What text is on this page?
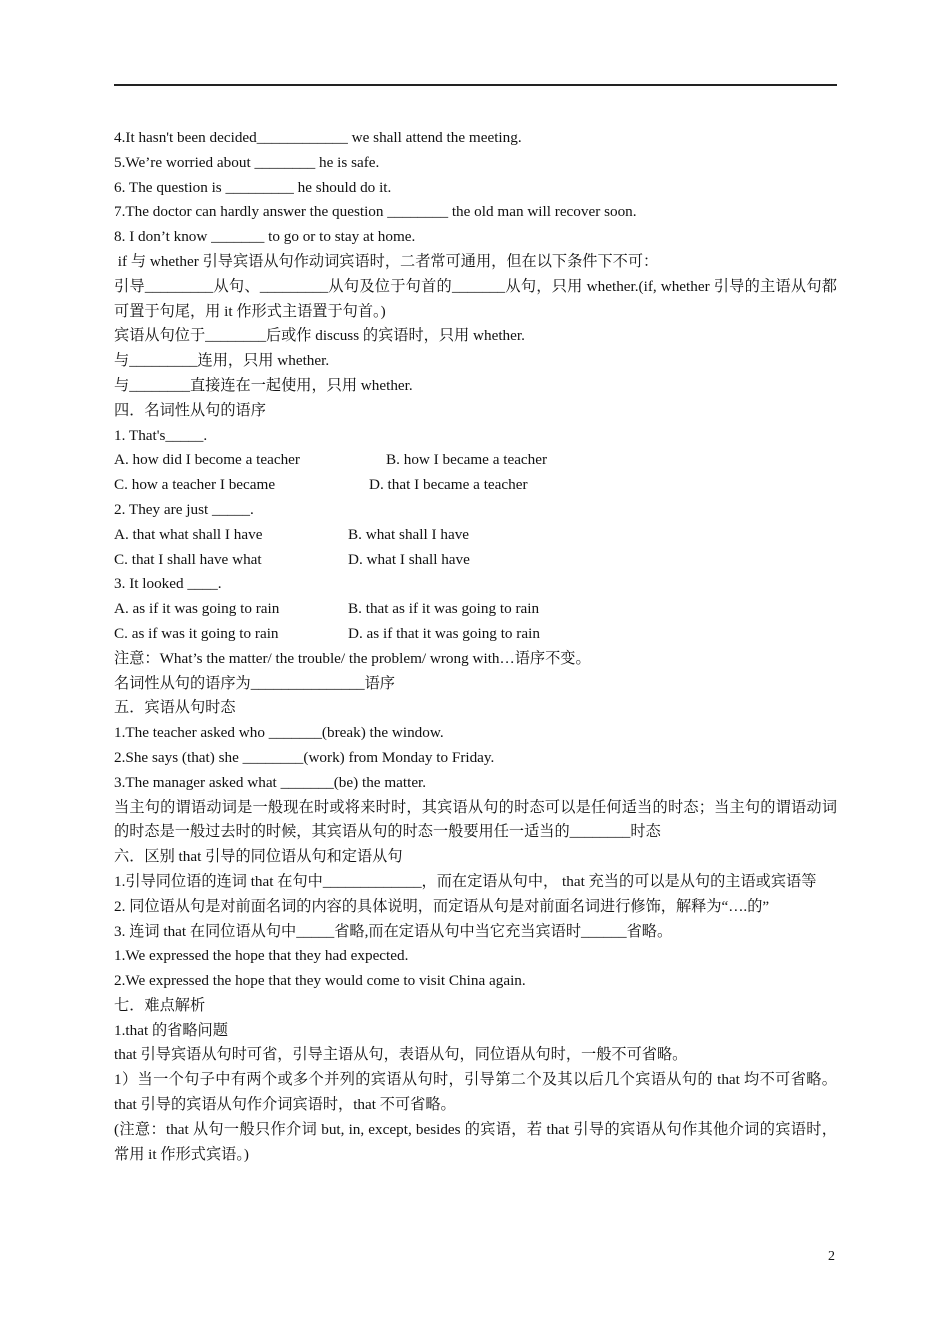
4.It hasn't been decided____________ we shall attend the meeting.
5.We’re worried about ________ he is safe.
6. The question is _________ he should do it.
7.The doctor can hardly answer the question ________ the old man will recover soon.
8. I don’t know _______ to go or to stay at home.
if 与 whether 引导宾语从句作动词宾语时，二者常可通用，但在以下条件下不可：
引导_________从句、_________从句及位于句首的_______从句，只用 whether.(if, whether 引导的主语从句都可置于句尾，用 it 作形式主语置于句首。)
宾语从句位于________后或作 discuss 的宾语时，只用 whether.
与_________连用，只用 whether.
与________直接连在一起使用，只用 whether.
四．名词性从句的语序
1. That's_____.
A. how did I become a teacher	B. how I became a teacher
C. how a teacher I became	D. that I became a teacher
2. They are just _____.
A. that what shall I have	B. what shall I have
C. that I shall have what	D. what I shall have
3. It looked ____.
A. as if it was going to rain	B. that as if it was going to rain
C. as if was it going to rain	D. as if that it was going to rain
注意：What’s the matter/ the trouble/ the problem/ wrong with…语序不变。
名词性从句的语序为_______________语序
五．宾语从句时态
1.The teacher asked who _______(break) the window.
2.She says (that) she ________(work) from Monday to Friday.
3.The manager asked what _______(be) the matter.
当主句的谓语动词是一般现在时或将来时时，其宾语从句的时态可以是任何适当的时态；当主句的谓语动词的时态是一般过去时的时候，其宾语从句的时态一般要用任一适当的________时态
六．区别 that 引导的同位语从句和定语从句
1.引导同位语的连词 that 在句中_____________，而在定语从句中， that 充当的可以是从句的主语或宾语等
2. 同位语从句是对前面名词的内容的具体说明，而定语从句是对前面名词进行修饰，解释为“….的”
3. 连词 that 在同位语从句中_____省略,而在定语从句中当它充当宾语时______省略。
1.We expressed the hope that they had expected.
2.We expressed the hope that they would come to visit China again.
七．难点解析
1.that 的省略问题
that 引导宾语从句时可省，引导主语从句，表语从句，同位语从句时，一般不可省略。
1）当一个句子中有两个或多个并列的宾语从句时，引导第二个及其以后几个宾语从句的 that 均不可省略。that 引导的宾语从句作介词宾语时，that 不可省略。
(注意：that 从句一般只作介词 but, in, except, besides 的宾语，若 that 引导的宾语从句作其他介词的宾语时，常用 it 作形式宾语。)
2
